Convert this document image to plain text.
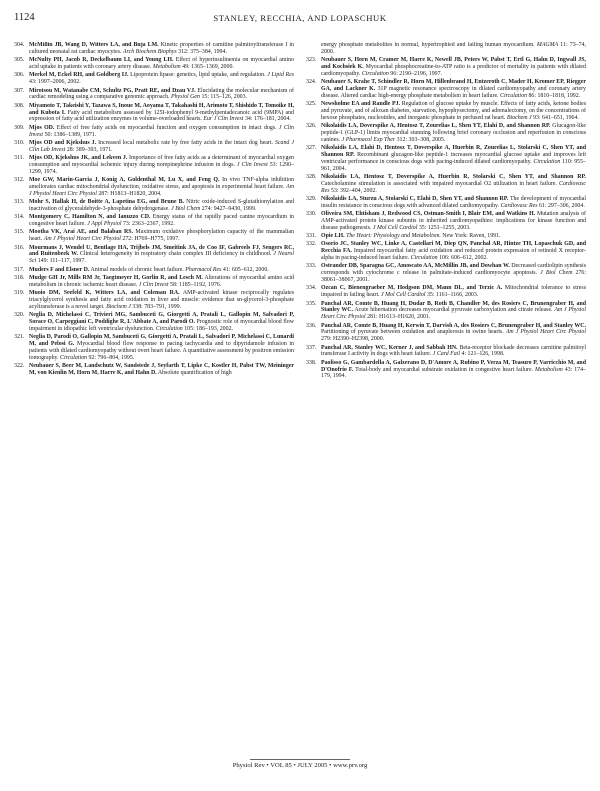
1124	STANLEY, RECCHIA, AND LOPASCHUK
304. McMillin JB, Wang D, Witters LA, and Buja LM. Kinetic properties of carnitine palmitoyltransferase I in cultured neonatal rat cardiac myocytes. Arch Biochem Biophys 312: 375–384, 1994.
305. McNulty PH, Jacob R, Deckelbaum LI, and Young LH. Effect of hyperinsulinemia on myocardial amino acid uptake in patients with coronary artery disease. Metabolism 49: 1365–1369, 2000.
306. Merkel M, Eckel RH, and Goldberg IJ. Lipoprotein lipase: genetics, lipid uptake, and regulation. J Lipid Res 43: 1997–2006, 2002.
307. Mirotsou M, Watanabe CM, Schultz PG, Pratt RE, and Dzau VJ. Elucidating the molecular mechanism of cardiac remodeling using a comparative genomic approach. Physiol Gen 15: 115–126, 2003.
308. Miyamoto T, Takeishi Y, Tazawa S, Inoue M, Aoyama T, Takahashi H, Arimoto T, Shishido T, Tomoike H, and Kubota I. Fatty acid metabolism assessed by 125I-iodophenyl 9-methylpentadecanoic acid (9MPA) and expression of fatty acid utilization enzymes in volume-overloaded hearts. Eur J Clin Invest 34: 176–181, 2004.
309. Mjos OD. Effect of free fatty acids on myocardial function and oxygen consumption in intact dogs. J Clin Invest 50: 1386–1389, 1971.
310. Mjos OD and Kjekshus J. Increased local metabolic rate by free fatty acids in the intact dog heart. Scand J Clin Lab Invest 28: 389–393, 1971.
311. Mjos OD, Kjekshus JK, and Lekven J. Importance of free fatty acids as a determinant of myocardial oxygen consumption and myocardial ischemic injury during norepinephrine infusion in dogs. J Clin Invest 53: 1290–1299, 1974.
312. Moe GW, Marin-Garcia J, Konig A, Goldenthal M, Lu X, and Feng Q. In vivo TNF-alpha inhibition ameliorates cardiac mitochondrial dysfunction, oxidative stress, and apoptosis in experimental heart failure. Am J Physiol Heart Circ Physiol 287: H1813–H1820, 2004.
313. Mohr S, Hallak H, de Boitte A, Lapetina EG, and Brune B. Nitric oxide-induced S-glutathionylation and inactivation of glyceraldehyde-3-phosphate dehydrogenase. J Biol Chem 274: 9427–9430, 1999.
314. Montgomery C, Hamilton N, and Ianuzzo CD. Energy status of the rapidly paced canine myocardium in congestive heart failure. J Appl Physiol 73: 2363–2367, 1992.
315. Mootha VK, Arai AE, and Balaban RS. Maximum oxidative phosphorylation capacity of the mammalian heart. Am J Physiol Heart Circ Physiol 272: H769–H775, 1997.
316. Mourmans J, Wendel U, Bentlage HA, Trijbels JM, Smeitink JA, de Coo IF, Gabreels FJ, Sengers RC, and Ruitenbeek W. Clinical heterogeneity in respiratory chain complex III deficiency in childhood. J Neurol Sci 149: 111–117, 1997.
317. Muders F and Elsner D. Animal models of chronic heart failure. Pharmacol Res 41: 605–612, 2000.
318. Mudge GH Jr, Mills RM Jr, Taegtmeyer H, Gorlin R, and Lesch M. Alterations of myocardial amino acid metabolism in chronic ischemic heart disease. J Clin Invest 58: 1185–1192, 1976.
319. Muoio DM, Seefeld K, Witters LA, and Coleman RA. AMP-activated kinase reciprocally regulates triacylglycerol synthesis and fatty acid oxidation in liver and muscle: evidence that sn-glycerol-3-phosphate acyltransferase is a novel target. Biochem J 338: 783–791, 1999.
320. Neglia D, Michelassi C, Trivieri MG, Sambuceti G, Giorgetti A, Pratali L, Gallopin M, Salvadori P, Sorace O, Carpeggiani C, Poddighe R, L'Abbate A, and Parodi O. Prognostic role of myocardial blood flow impairment in idiopathic left ventricular dysfunction. Circulation 105: 186–193, 2002.
321. Neglia D, Parodi O, Gallopin M, Sambuceti G, Giorgetti A, Pratali L, Salvadori P, Michelassi C, Lunardi M, and Pelosi G. Myocardial blood flow response to pacing tachycardia and to dipyridamole infusion in patients with dilated cardiomyopathy without overt heart failure. A quantitative assessment by positron emission tomography. Circulation 92: 796–804, 1995.
322. Neubauer S, Beer M, Landschutz W, Sandstede J, Seyfarth T, Lipke C, Kostler H, Pabst TW, Meininger M, von Kienlin M, Horn M, Harre K, and Hahn D. Absolute quantification of high
energy phosphate metabolites in normal, hypertrophied and failing human myocardium. MAGMA 11: 73–74, 2000.
323. Neubauer S, Horn M, Cramer M, Harre K, Newell JB, Peters W, Pabst T, Ertl G, Hahn D, Ingwall JS, and Kochsiek K. Myocardial phosphocreatine-to-ATP ratio is a predictor of mortality in patients with dilated cardiomyopathy. Circulation 96: 2190–2196, 1997.
324. Neubauer S, Krahe T, Schindler R, Horn M, Hillenbrand H, Entzeroth C, Mader H, Kromer EP, Riegger GA, and Lackner K. 31P magnetic resonance spectroscopy in dilated cardiomyopathy and coronary artery disease. Altered cardiac high-energy phosphate metabolism in heart failure. Circulation 86: 1810–1818, 1992.
325. Newsholme EA and Randle PJ. Regulation of glucose uptake by muscle. Effects of fatty acids, ketone bodies and pyruvate, and of alloxan diabetes, starvation, hypophysectomy, and adrenalectomy, on the concentrations of hexose phosphates, nucleotides, and inorganic phosphate in perfused rat heart. Biochem J 93: 641–651, 1964.
326. Nikolaidis LA, Doverspike A, Hentosz T, Zourelias L, Shen YT, Elahi D, and Shannon RP. Glucagon-like peptide-1 (GLP-1) limits myocardial stunning following brief coronary occlusion and reperfusion in conscious canines. J Pharmacol Exp Ther 312: 303–308, 2005.
327. Nikolaidis LA, Elahi D, Hentosz T, Doverspike A, Huerbin R, Zourelias L, Stolarski C, Shen YT, and Shannon RP. Recombinant glucagon-like peptide-1 increases myocardial glucose uptake and improves left ventricular performance in conscious dogs with pacing-induced dilated cardiomyopathy. Circulation 110: 955–961, 2004.
328. Nikolaidis LA, Hentosz T, Doverspike A, Huerbin R, Stolarski C, Shen YT, and Shannon RP. Catecholamine stimulation is associated with impaired myocardial O2 utilization in heart failure. Cardiovasc Res 53: 392–404, 2002.
329. Nikolaidis LA, Sturzu A, Stolarski C, Elahi D, Shen YT, and Shannon RP. The development of myocardial insulin resistance in conscious dogs with advanced dilated cardiomyopathy. Cardiovasc Res 61: 297–306, 2004.
330. Oliveira SM, Ehtisham J, Redwood CS, Ostman-Smith I, Blair EM, and Watkins H. Mutation analysis of AMP-activated protein kinase subunits in inherited cardiomyopathies: implications for kinase function and disease pathogenesis. J Mol Cell Cardiol 35: 1251–1255, 2003.
331. Opie LH. The Heart: Physiology and Metabolism. New York: Raven, 1991.
332. Osorio JC, Stanley WC, Linke A, Castellari M, Diep QN, Panchal AR, Hintze TH, Lopaschuk GD, and Recchia FA. Impaired myocardial fatty acid oxidation and reduced protein expression of retinoid X receptor-alpha in pacing-induced heart failure. Circulation 106: 606–612, 2002.
333. Ostrander DB, Sparagna GC, Amoscato AA, McMillin JB, and Dowhan W. Decreased cardiolipin synthesis corresponds with cytochrome c release in palmitate-induced cardiomyocyte apoptosis. J Biol Chem 276: 38061–38067, 2001.
334. Ozcan C, Bienengraeber M, Hodgson DM, Mann DL, and Terzic A. Mitochondrial tolerance to stress impaired in failing heart. J Mol Cell Cardiol 35: 1161–1166, 2003.
335. Panchal AR, Comte B, Huang H, Dudar B, Roth B, Chandler M, des Rosiers C, Brunengraber H, and Stanley WC. Acute hibernation decreases myocardial pyruvate carboxylation and citrate release. Am J Physiol Heart Circ Physiol 281: H1613–H1620, 2001.
336. Panchal AR, Comte B, Huang H, Kerwin T, Darvish A, des Rosiers C, Brunengraber H, and Stanley WC. Partitioning of pyruvate between oxidation and anaplerosis in swine hearts. Am J Physiol Heart Circ Physiol 279: H2390–H2398, 2000.
337. Panchal AR, Stanley WC, Kerner J, and Sabbah HN. Beta-receptor blockade decreases carnitine palmitoyl transferase I activity in dogs with heart failure. J Card Fail 4: 121–126, 1998.
338. Paolisso G, Gambardella A, Galzerano D, D'Amore A, Rubino P, Verza M, Teasuro P, Varricchio M, and D'Onofrio F. Total-body and myocardial substrate oxidation in congestive heart failure. Metabolism 43: 174–179, 1994.
Physiol Rev • VOL 85 • JULY 2005 • www.prv.org
